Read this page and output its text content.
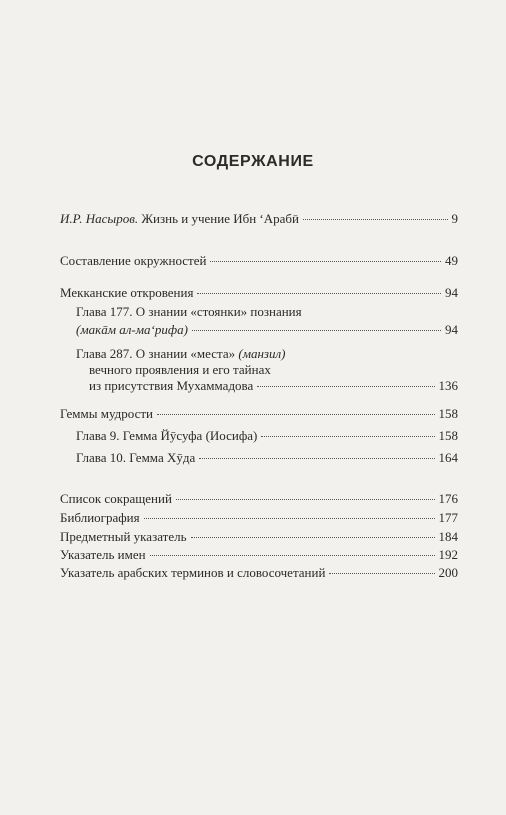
СОДЕРЖАНИЕ
И.Р. Насыров. Жизнь и учение Ибн ʻАрабӣ	9
Составление окружностей	49
Мекканские откровения	94
Глава 177. О знании «стоянки» познания
(макāм ал-маʻрифа)	94
Глава 287. О знании «места» (манзил)
вечного проявления и его тайнах
из присутствия Мухаммадова	136
Геммы мудрости	158
Глава 9. Гемма Йӯсуфа (Иосифа)	158
Глава 10. Гемма Хӯда	164
Список сокращений	176
Библиография	177
Предметный указатель	184
Указатель имен	192
Указатель арабских терминов и словосочетаний	200
